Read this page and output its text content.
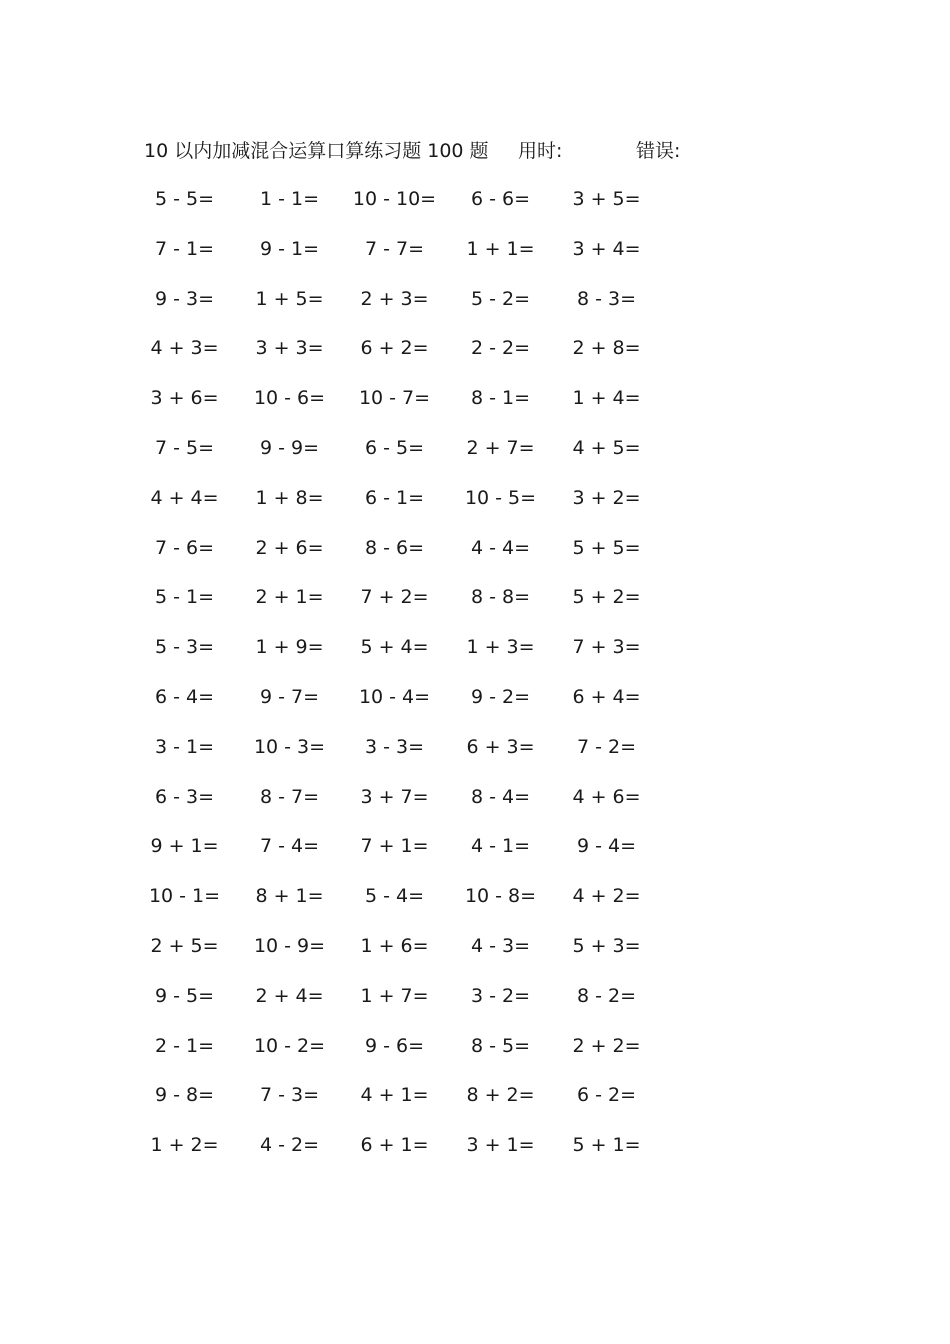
10 以内加减混合运算口算练习题 100 题 用时:	错误:
5 - 5=	1 - 1=	10 - 10=	6 - 6=	3 + 5=
7 - 1=	9 - 1=	7 - 7=	1 + 1=	3 + 4=
9 - 3=	1 + 5=	2 + 3=	5 - 2=	8 - 3=
4 + 3=	3 + 3=	6 + 2=	2 - 2=	2 + 8=
3 + 6=	10 - 6=	10 - 7=	8 - 1=	1 + 4=
7 - 5=	9 - 9=	6 - 5=	2 + 7=	4 + 5=
4 + 4=	1 + 8=	6 - 1=	10 - 5=	3 + 2=
7 - 6=	2 + 6=	8 - 6=	4 - 4=	5 + 5=
5 - 1=	2 + 1=	7 + 2=	8 - 8=	5 + 2=
5 - 3=	1 + 9=	5 + 4=	1 + 3=	7 + 3=
6 - 4=	9 - 7=	10 - 4=	9 - 2=	6 + 4=
3 - 1=	10 - 3=	3 - 3=	6 + 3=	7 - 2=
6 - 3=	8 - 7=	3 + 7=	8 - 4=	4 + 6=
9 + 1=	7 - 4=	7 + 1=	4 - 1=	9 - 4=
10 - 1=	8 + 1=	5 - 4=	10 - 8=	4 + 2=
2 + 5=	10 - 9=	1 + 6=	4 - 3=	5 + 3=
9 - 5=	2 + 4=	1 + 7=	3 - 2=	8 - 2=
2 - 1=	10 - 2=	9 - 6=	8 - 5=	2 + 2=
9 - 8=	7 - 3=	4 + 1=	8 + 2=	6 - 2=
1 + 2=	4 - 2=	6 + 1=	3 + 1=	5 + 1=
